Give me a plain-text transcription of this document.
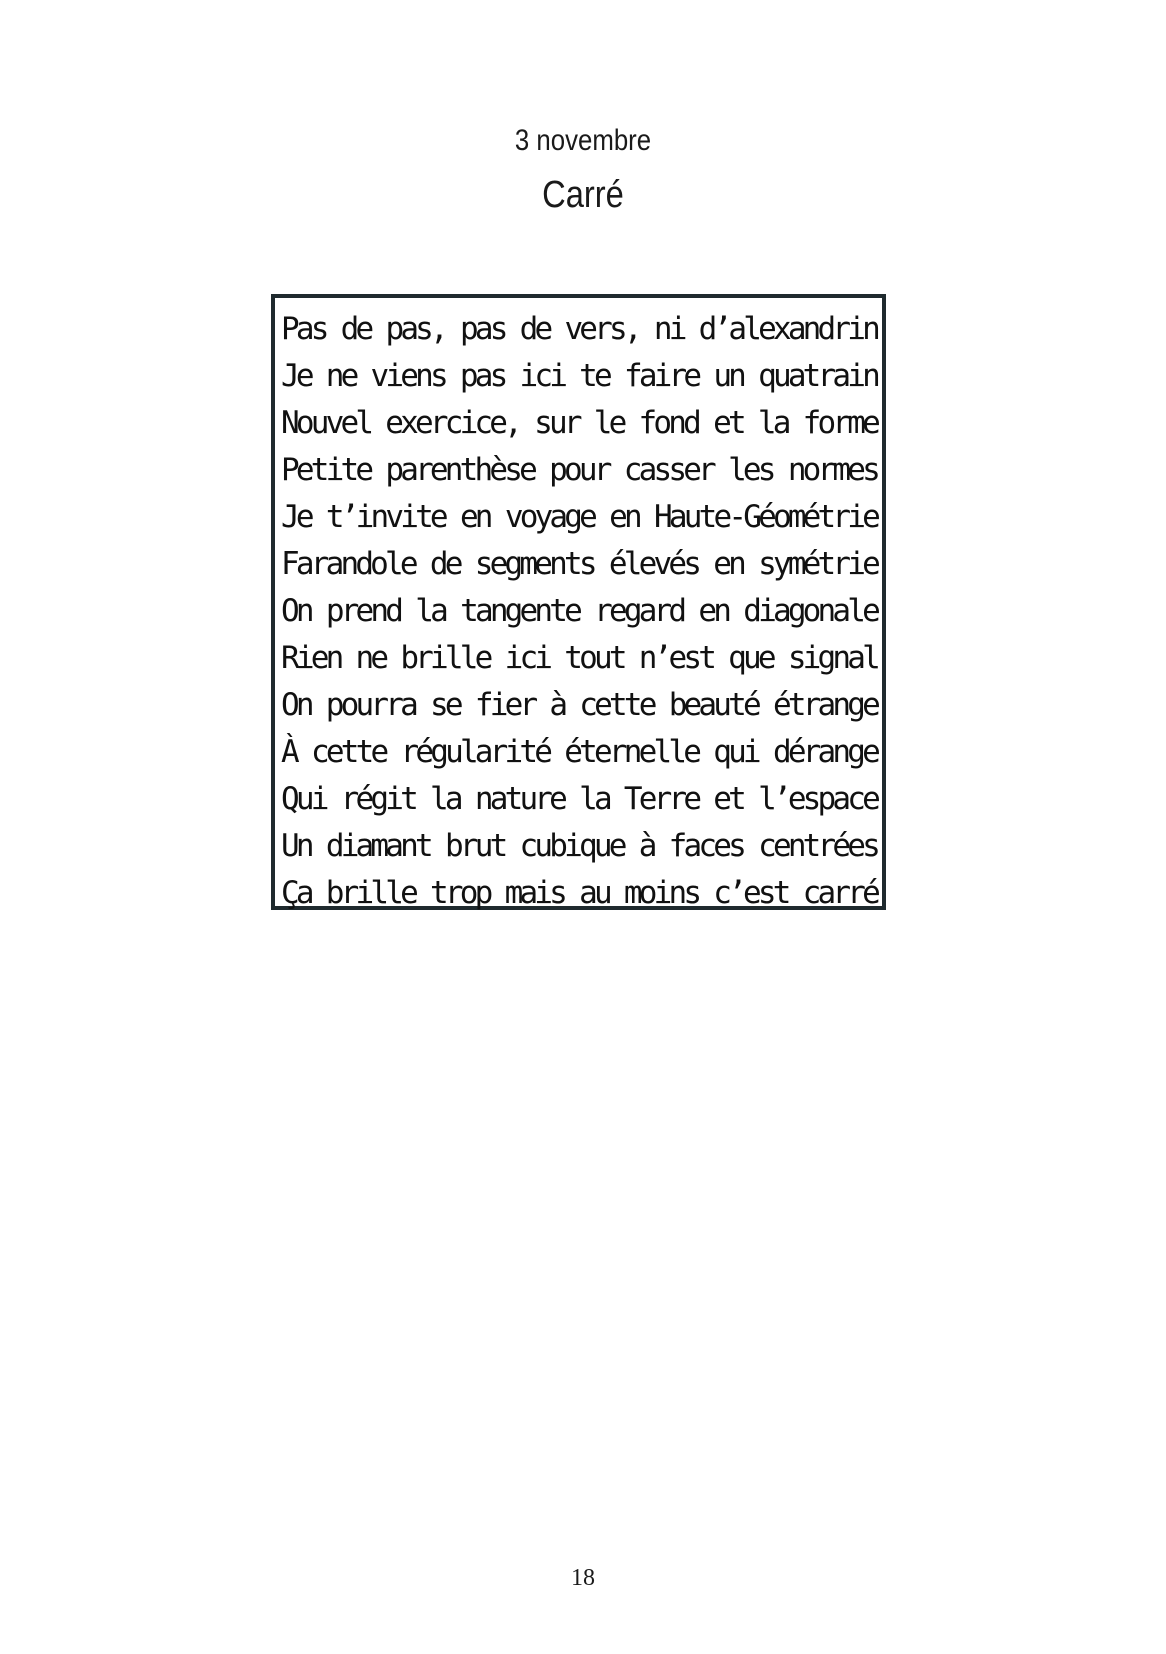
3 novembre
Carré
Pas de pas, pas de vers, ni d’alexandrin
Je ne viens pas ici te faire un quatrain
Nouvel exercice, sur le fond et la forme
Petite parenthèse pour casser les normes
Je t’invite en voyage en Haute-Géométrie
Farandole de segments élevés en symétrie
On prend la tangente regard en diagonale
Rien ne brille ici tout n’est que signal
On pourra se fier à cette beauté étrange
À cette régularité éternelle qui dérange
Qui régit la nature la Terre et l’espace
Un diamant brut cubique à faces centrées
Ça brille trop mais au moins c’est carré
18
